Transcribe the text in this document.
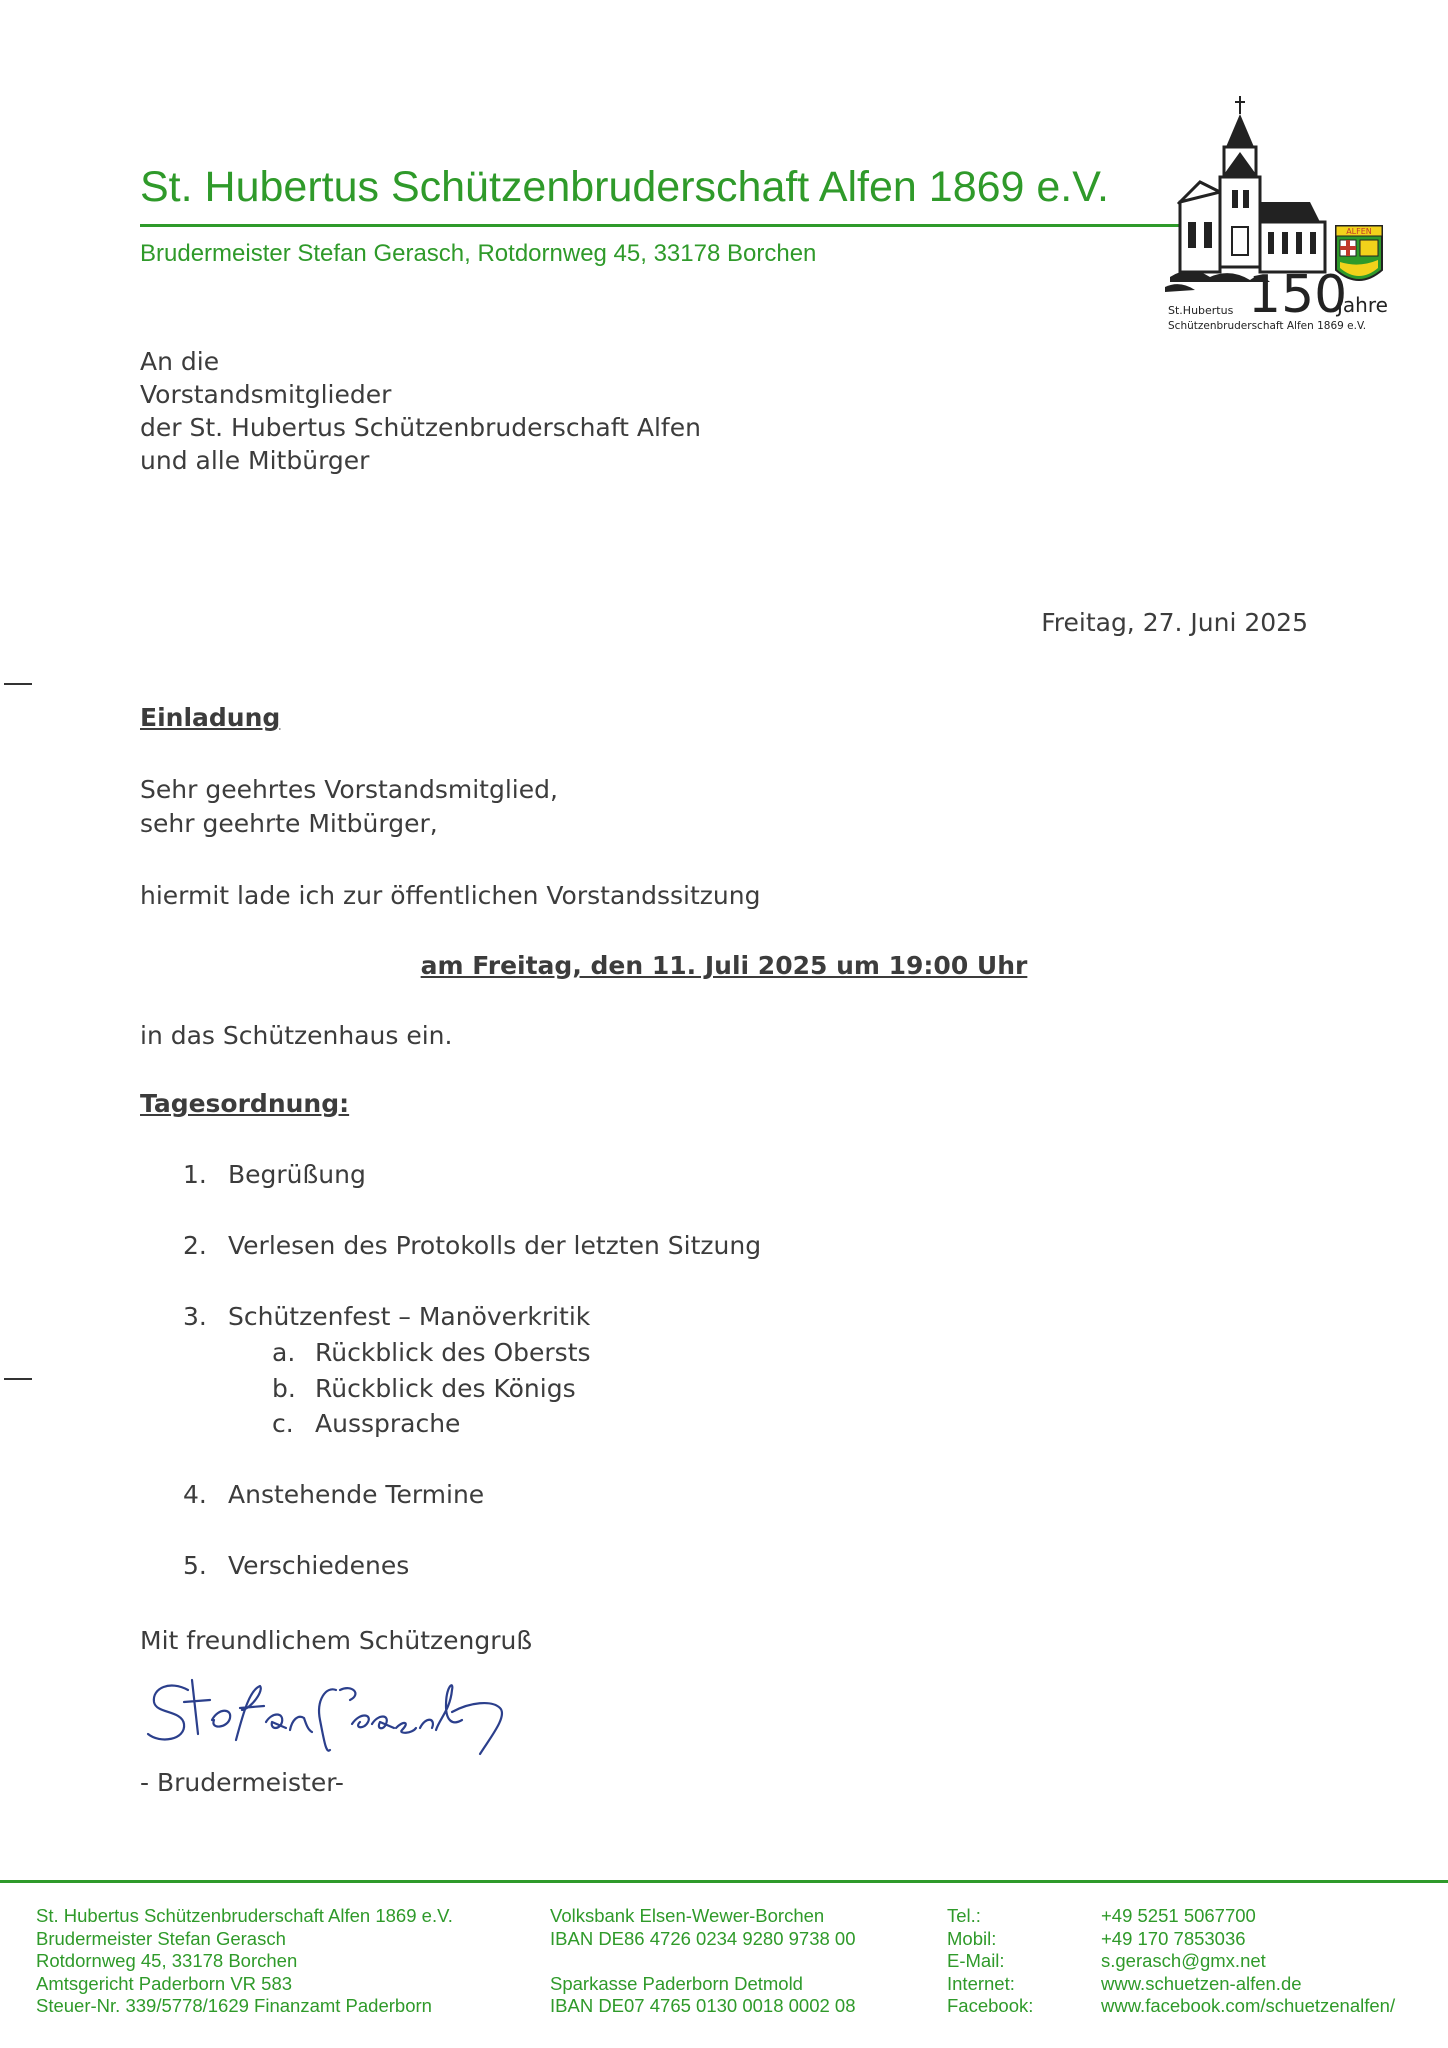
St. Hubertus Schützenbruderschaft Alfen 1869 e.V.
Brudermeister Stefan Gerasch, Rotdornweg 45, 33178 Borchen
ALFEN
150
Jahre
St.Hubertus
Schützenbruderschaft Alfen 1869 e.V.
An die
Vorstandsmitglieder
der St. Hubertus Schützenbruderschaft Alfen
und alle Mitbürger
Freitag, 27. Juni 2025
Einladung
Sehr geehrtes Vorstandsmitglied,
sehr geehrte Mitbürger,
hiermit lade ich zur öffentlichen Vorstandssitzung
am Freitag, den 11. Juli 2025 um 19:00 Uhr
in das Schützenhaus ein.
Tagesordnung:
1. Begrüßung
2. Verlesen des Protokolls der letzten Sitzung
3. Schützenfest – Manöverkritik
a. Rückblick des Obersts
b. Rückblick des Königs
c. Aussprache
4. Anstehende Termine
5. Verschiedenes
Mit freundlichem Schützengruß
- Brudermeister-
St. Hubertus Schützenbruderschaft Alfen 1869 e.V.
Brudermeister Stefan Gerasch
Rotdornweg 45, 33178 Borchen
Amtsgericht Paderborn VR 583
Steuer-Nr. 339/5778/1629 Finanzamt Paderborn
Volksbank Elsen-Wewer-Borchen
IBAN DE86 4726 0234 9280 9738 00
Sparkasse Paderborn Detmold
IBAN DE07 4765 0130 0018 0002 08
Tel.:
Mobil:
E-Mail:
Internet:
Facebook:
+49 5251 5067700
+49 170 7853036
s.gerasch@gmx.net
www.schuetzen-alfen.de
www.facebook.com/schuetzenalfen/
